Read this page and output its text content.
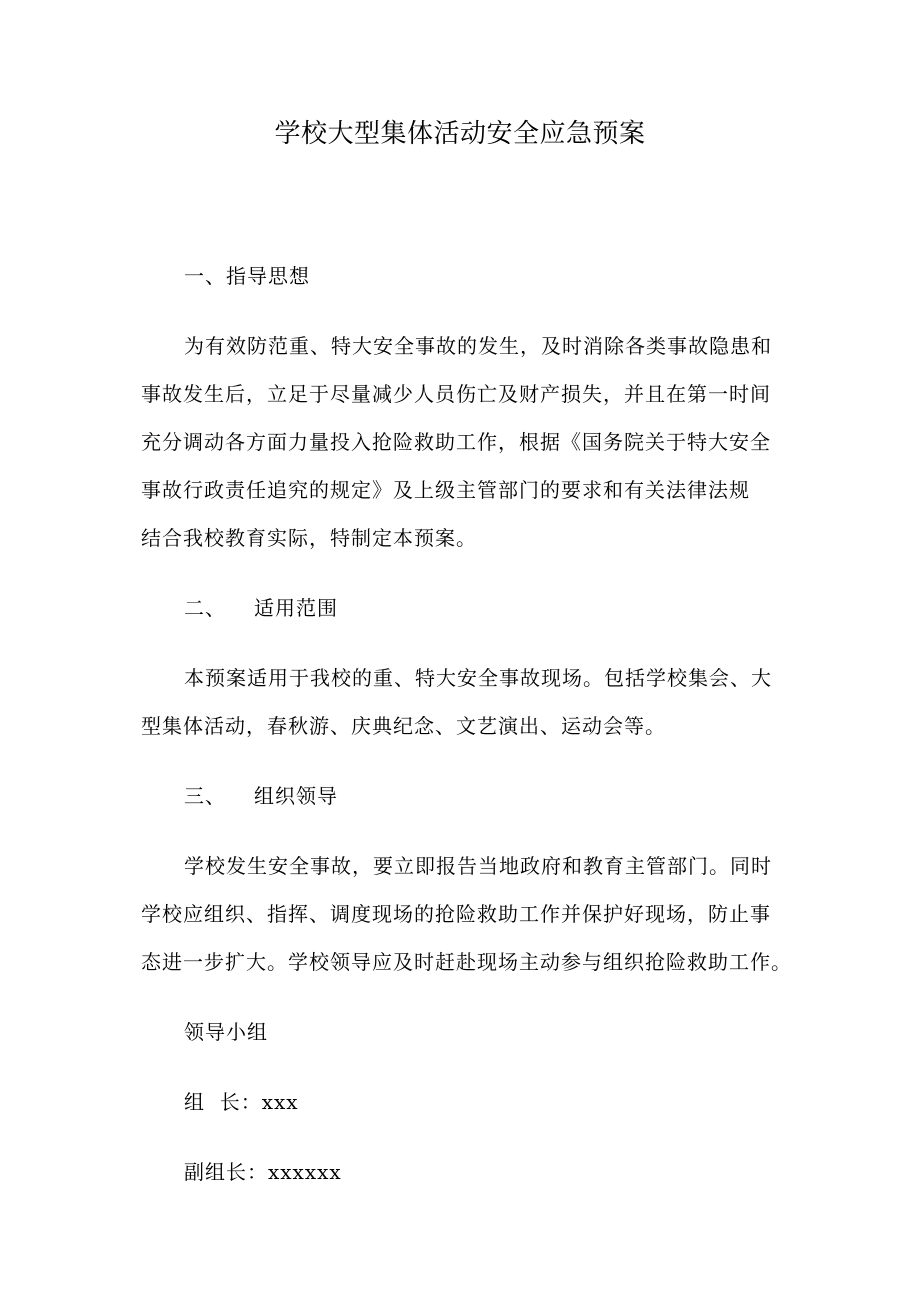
学校大型集体活动安全应急预案
一、指导思想

为有效防范重、特大安全事故的发生，及时消除各类事故隐患和

事故发生后，立足于尽量减少人员伤亡及财产损失，并且在第一时间

充分调动各方面力量投入抢险救助工作，根据《国务院关于特大安全

事故行政责任追究的规定》及上级主管部门的要求和有关法律法规

结合我校教育实际，特制定本预案。

二、 适用范围

本预案适用于我校的重、特大安全事故现场。包括学校集会、大

型集体活动，春秋游、庆典纪念、文艺演出、运动会等。

三、 组织领导

学校发生安全事故，要立即报告当地政府和教育主管部门。同时

学校应组织、指挥、调度现场的抢险救助工作并保护好现场，防止事

态进一步扩大。学校领导应及时赶赴现场主动参与组织抢险救助工作。

领导小组

组  长：xxx

副组长：xxxxxx
